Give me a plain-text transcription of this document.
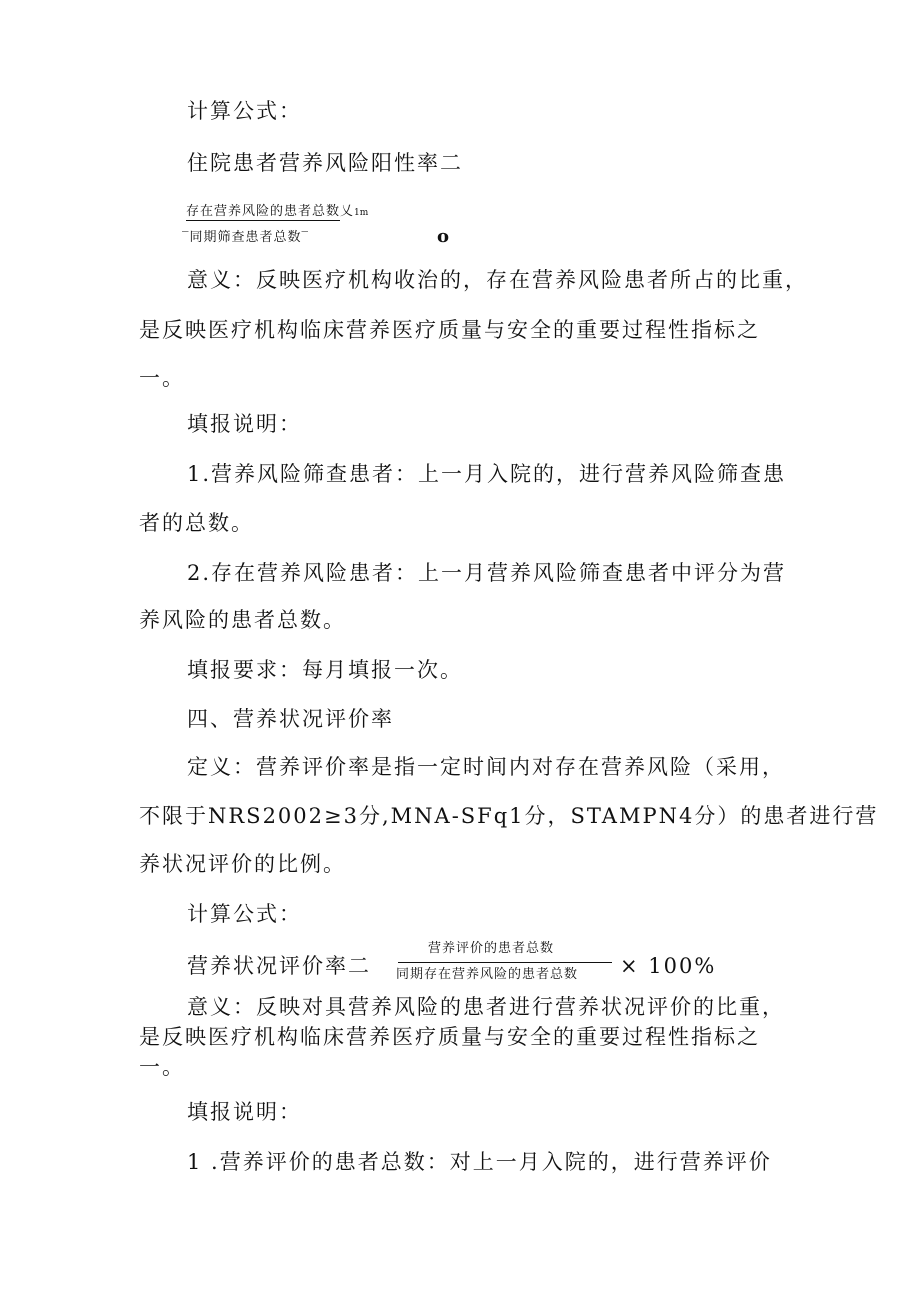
计算公式：
住院患者营养风险阳性率二
存在营养风险的患者总数乂1m
‾同期筛查患者总数‾	o
意义：反映医疗机构收治的，存在营养风险患者所占的比重，
是反映医疗机构临床营养医疗质量与安全的重要过程性指标之
一。
填报说明：
1.营养风险筛查患者：上一月入院的，进行营养风险筛查患
者的总数。
2.存在营养风险患者：上一月营养风险筛查患者中评分为营
养风险的患者总数。
填报要求：每月填报一次。
四、营养状况评价率
定义：营养评价率是指一定时间内对存在营养风险（采用，
不限于NRS2002≥3分,MNA-SFq1分，STAMPN4分）的患者进行营
养状况评价的比例。
计算公式：
营养状况评价率二
营养评价的患者总数
同期存在营养风险的患者总数 × 100%
意义：反映对具营养风险的患者进行营养状况评价的比重，
是反映医疗机构临床营养医疗质量与安全的重要过程性指标之
一。
填报说明：
1 .营养评价的患者总数：对上一月入院的，进行营养评价
